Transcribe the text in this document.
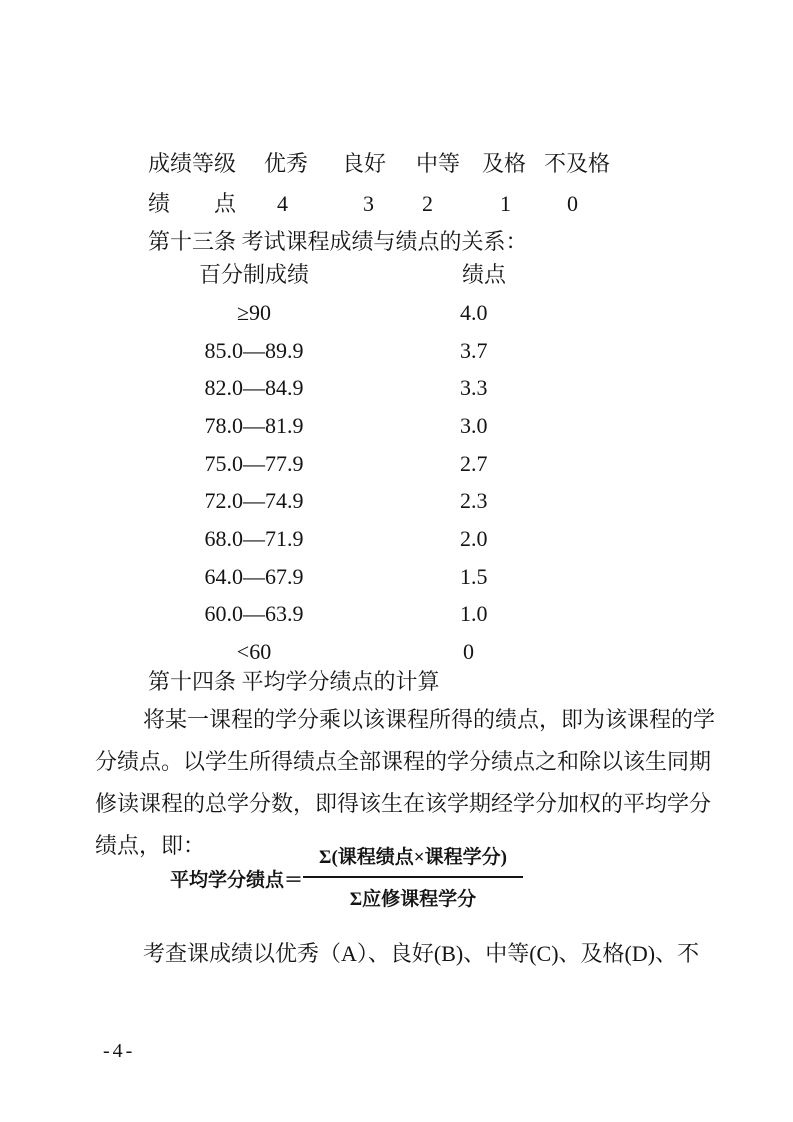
成绩等级 优秀 良好 中等 及格 不及格
绩点 4	3 2	1	0
第十三条 考试课程成绩与绩点的关系：
百分制成绩	绩点
≥90	4.0
85.0—89.9	3.7
82.0—84.9	3.3
78.0—81.9	3.0
75.0—77.9	2.7
72.0—74.9	2.3
68.0—71.9	2.0
64.0—67.9	1.5
60.0—63.9	1.0
<60	0
第十四条 平均学分绩点的计算
将某一课程的学分乘以该课程所得的绩点，即为该课程的学
分绩点。以学生所得绩点全部课程的学分绩点之和除以该生同期
修读课程的总学分数，即得该生在该学期经学分加权的平均学分
绩点，即：
平均学分绩点＝ $\frac{\text{Σ(课程绩点×课程学分)}}{\text{Σ应修课程学分}}$
考查课成绩以优秀（A）、良好(B)、中等(C)、及格(D)、不
-4-
